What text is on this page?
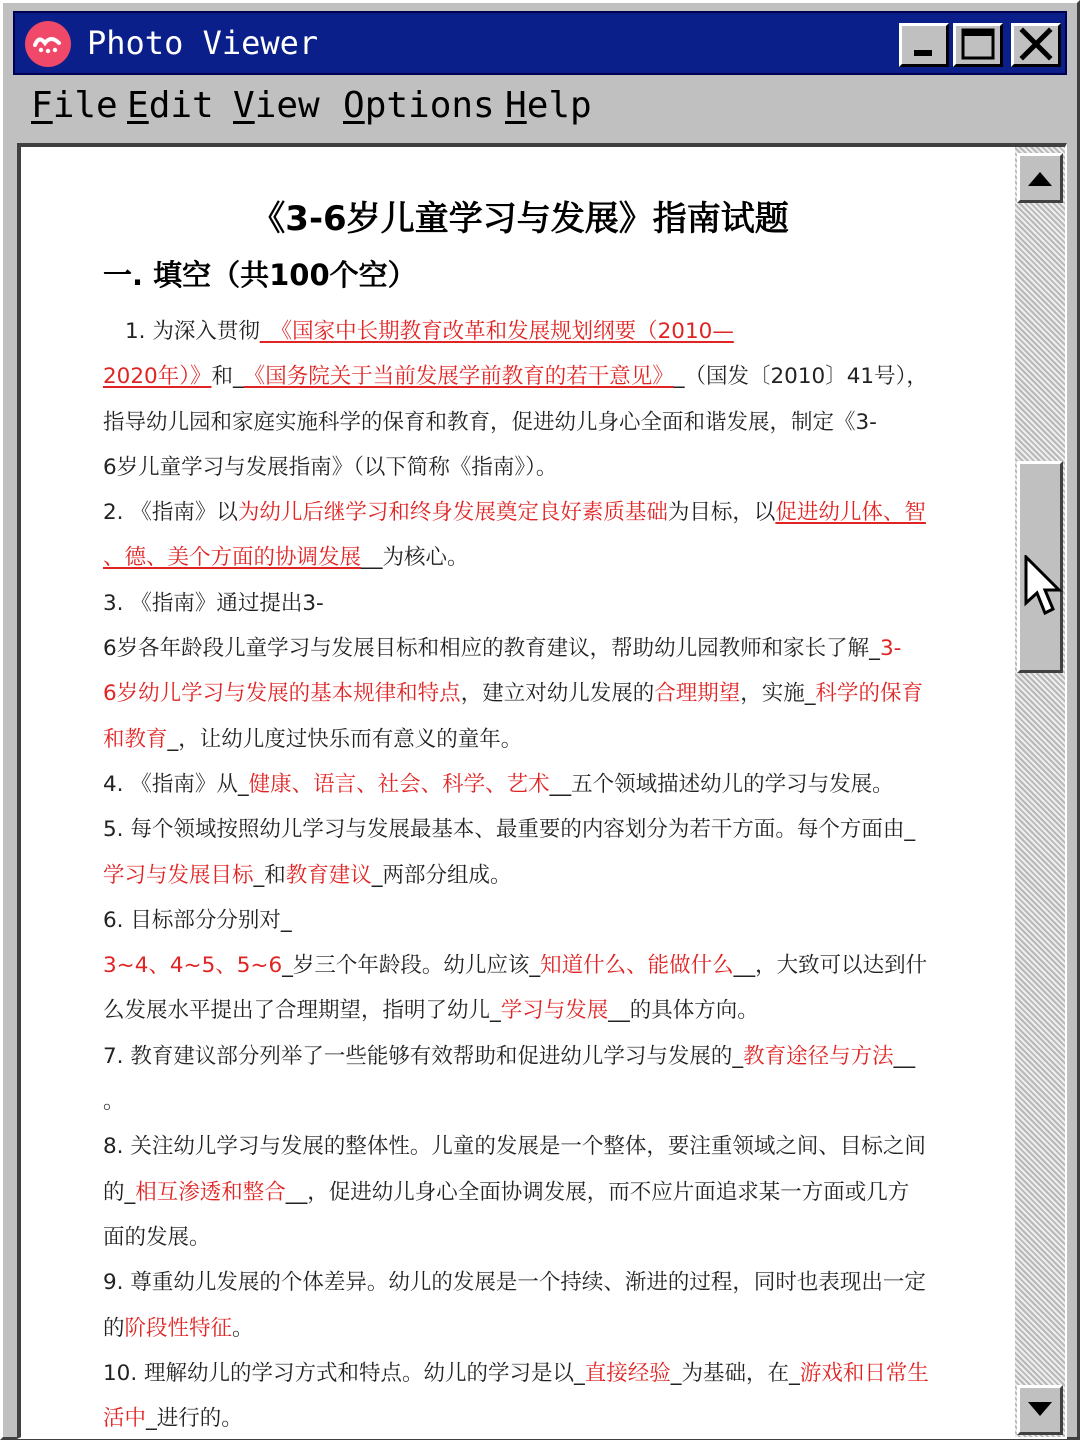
Photo Viewer
File Edit View Options Help
《3-6岁儿童学习与发展》指南试题
一. 填空（共100个空）
1. 为深入贯彻_《国家中长期教育改革和发展规划纲要（2010—
2020年）》和_《国务院关于当前发展学前教育的若干意见》_（国发〔2010〕41号），
指导幼儿园和家庭实施科学的保育和教育，促进幼儿身心全面和谐发展，制定《3-
6岁儿童学习与发展指南》（以下简称《指南》）。
2. 《指南》以为幼儿后继学习和终身发展奠定良好素质基础为目标，以促进幼儿体、智
、德、美个方面的协调发展__为核心。
3. 《指南》通过提出3-
6岁各年龄段儿童学习与发展目标和相应的教育建议，帮助幼儿园教师和家长了解_3-
6岁幼儿学习与发展的基本规律和特点，建立对幼儿发展的合理期望，实施_科学的保育
和教育_，让幼儿度过快乐而有意义的童年。
4. 《指南》从_健康、语言、社会、科学、艺术__五个领域描述幼儿的学习与发展。
5. 每个领域按照幼儿学习与发展最基本、最重要的内容划分为若干方面。每个方面由_
学习与发展目标_和教育建议_两部分组成。
6. 目标部分分别对_
3~4、4~5、5~6_岁三个年龄段。幼儿应该_知道什么、能做什么__，大致可以达到什
么发展水平提出了合理期望，指明了幼儿_学习与发展__的具体方向。
7. 教育建议部分列举了一些能够有效帮助和促进幼儿学习与发展的_教育途径与方法__
。
8. 关注幼儿学习与发展的整体性。儿童的发展是一个整体，要注重领域之间、目标之间
的_相互渗透和整合__，促进幼儿身心全面协调发展，而不应片面追求某一方面或几方
面的发展。
9. 尊重幼儿发展的个体差异。幼儿的发展是一个持续、渐进的过程，同时也表现出一定
的阶段性特征。
10. 理解幼儿的学习方式和特点。幼儿的学习是以_直接经验_为基础，在_游戏和日常生
活中_进行的。
